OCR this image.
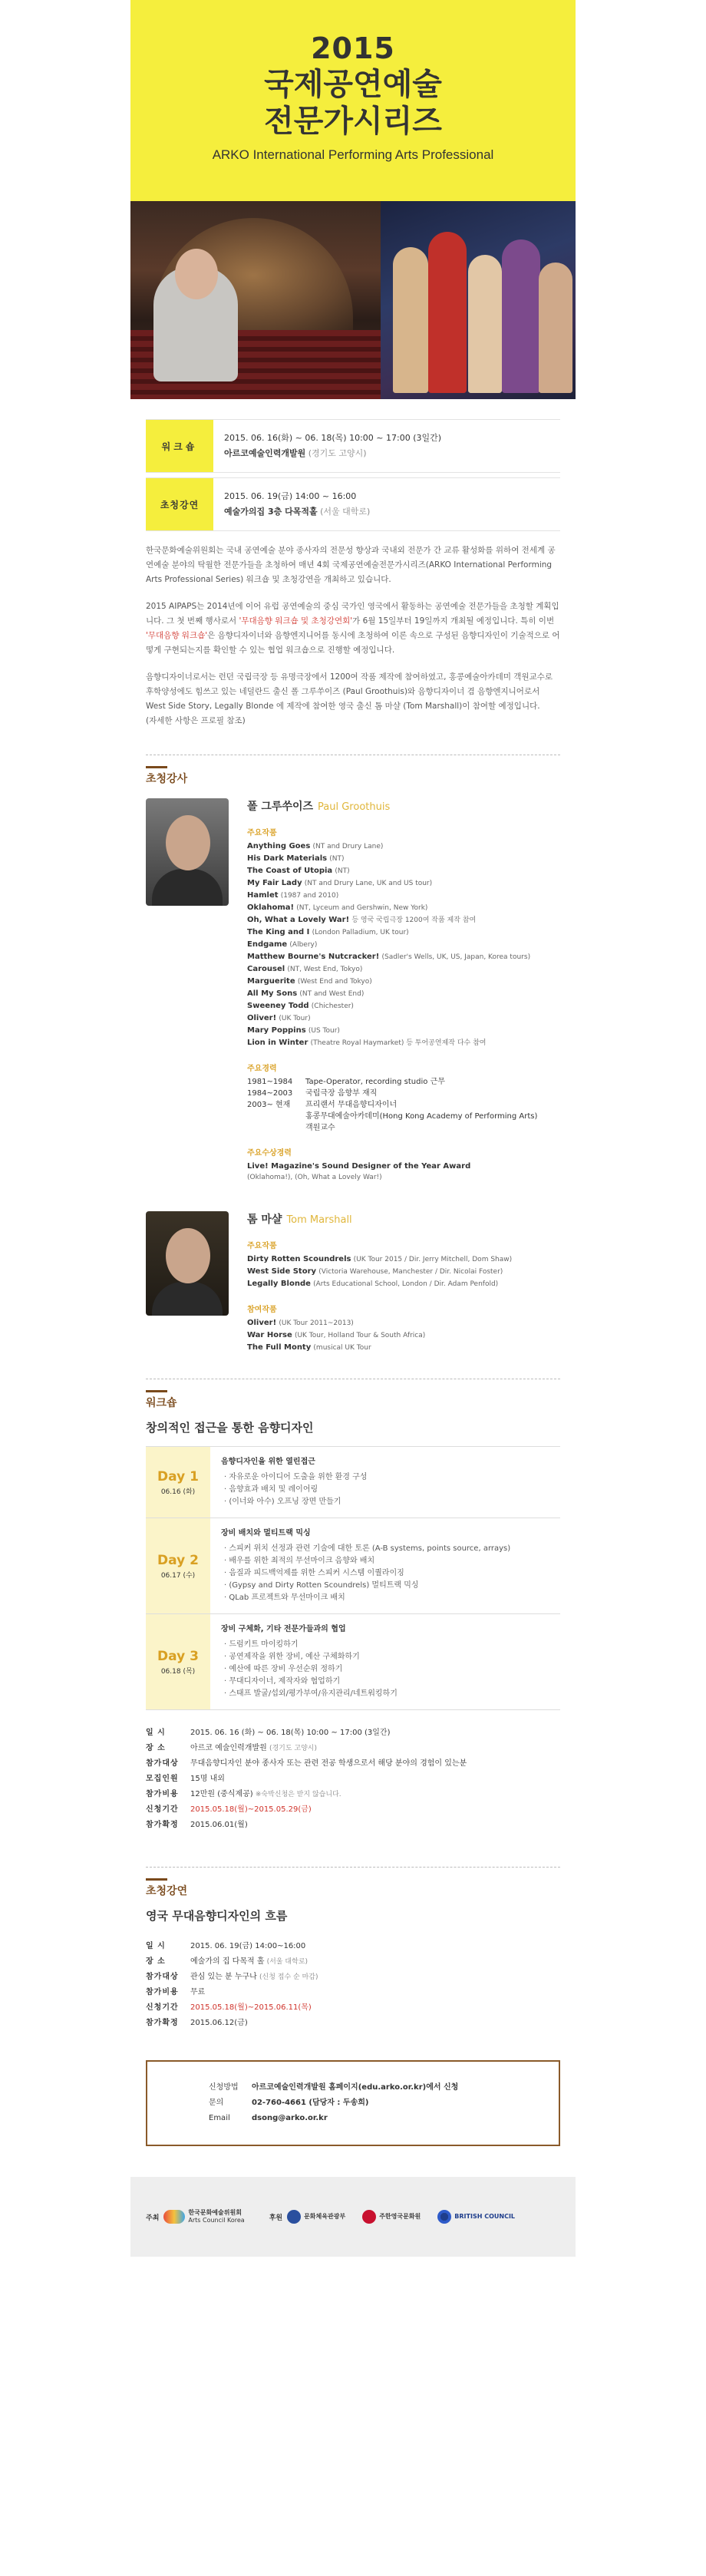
2015
국제공연예술
전문가시리즈
ARKO International Performing Arts Professional
워크숍
2015. 06. 16(화) ~ 06. 18(목) 10:00 ~ 17:00 (3일간)
아르코예술인력개발원 (경기도 고양시)
초청강연
2015. 06. 19(금) 14:00 ~ 16:00
예술가의집 3층 다목적홀 (서울 대학로)

한국문화예술위원회는 국내 공연예술 분야 종사자의 전문성 향상과 국내외 전문가 간 교류 활성화를 위하여 전세계 공연예술 분야의 탁월한 전문가들을 초청하여 매년 4회 국제공연예술전문가시리즈(ARKO International Performing Arts Professional Series) 워크숍 및 초청강연을 개최하고 있습니다.

2015 AIPAPS는 2014년에 이어 유럽 공연예술의 중심 국가인 영국에서 활동하는 공연예술 전문가들을 초청할 계획입니다. 그 첫 번째 행사로서 '무대음향 워크숍 및 초청강연회'가 6월 15일부터 19일까지 개최될 예정입니다. 특히 이번 '무대음향 워크숍'은 음향디자이너와 음향엔지니어를 동시에 초청하여 이론 속으로 구성된 음향디자인이 기술적으로 어떻게 구현되는지를 확인할 수 있는 협업 워크숍으로 진행할 예정입니다.

음향디자이너로서는 런던 국립극장 등 유명극장에서 1200여 작품 제작에 참여하였고, 홍콩예술아카데미 객원교수로 후학양성에도 힘쓰고 있는 네덜란드 출신 폴 그루쑤이즈 (Paul Groothuis)와 음향디자이너 겸 음향엔지니어로서 West Side Story, Legally Blonde 에 제작에 참여한 영국 출신 톰 마샬 (Tom Marshall)이 참여할 예정입니다.
(자세한 사항은 프로필 참조)

초청강사
폴 그루쑤이즈 Paul Groothuis
주요작품
Anything Goes (NT and Drury Lane)
His Dark Materials (NT)
The Coast of Utopia (NT)
My Fair Lady (NT and Drury Lane, UK and US tour)
Hamlet (1987 and 2010)
Oklahoma! (NT, Lyceum and Gershwin, New York)
Oh, What a Lovely War! 등 영국 국립극장 1200여 작품 제작 참여
The King and I (London Palladium, UK tour)
Endgame (Albery)
Matthew Bourne's Nutcracker! (Sadler's Wells, UK, US, Japan, Korea tours)
Carousel (NT, West End, Tokyo)
Marguerite (West End and Tokyo)
All My Sons (NT and West End)
Sweeney Todd (Chichester)
Oliver! (UK Tour)
Mary Poppins (US Tour)
Lion in Winter (Theatre Royal Haymarket) 등 투어공연제작 다수 참여
주요경력
1981~1984	Tape-Operator, recording studio 근무
1984~2003	국립극장 음향부 재직
2003~ 현재	프리랜서 무대음향디자이너
홍콩무대예술아카데미(Hong Kong Academy of Performing Arts)
객원교수
주요수상경력
Live! Magazine's Sound Designer of the Year Award
(Oklahoma!), (Oh, What a Lovely War!)
톰 마샬 Tom Marshall
주요작품
Dirty Rotten Scoundrels (UK Tour 2015 / Dir. Jerry Mitchell, Dom Shaw)
West Side Story (Victoria Warehouse, Manchester / Dir. Nicolai Foster)
Legally Blonde (Arts Educational School, London / Dir. Adam Penfold)
참여작품
Oliver! (UK Tour 2011~2013)
War Horse (UK Tour, Holland Tour & South Africa)
The Full Monty (musical UK Tour
워크숍
창의적인 접근을 통한 음향디자인
Day 1
06.16 (화)
음향디자인을 위한 열린접근
· 자유로운 아이디어 도출을 위한 환경 구성
· 음향효과 배치 및 레이어링
· (이너와 아수) 오프닝 장면 만들기
Day 2
06.17 (수)
장비 배치와 멀티트랙 믹싱
· 스피커 위치 선정과 관련 기술에 대한 토론 (A-B systems, points source, arrays)
· 배우를 위한 최적의 무선마이크 음향와 배치
· 음질과 피드백억제를 위한 스피커 시스템 이퀄라이징
· (Gypsy and Dirty Rotten Scoundrels) 멀티트랙 믹싱
· QLab 프로젝트와 무선마이크 배치
Day 3
06.18 (목)
장비 구체화, 기타 전문가들과의 협업
· 드럼키트 마이킹하기
· 공연제작을 위한 장비, 예산 구체화하기
· 예산에 따른 장비 우선순위 정하기
· 무대디자이너, 제작자와 협업하기
· 스태프 발굴/섭외/평가부여/유지관리/네트워킹하기
일 시	2015. 06. 16 (화) ~ 06. 18(목) 10:00 ~ 17:00 (3일간)
장 소	아르코 예술인력개발원 (경기도 고양시)
참가대상	무대음향디자인 분야 종사자 또는 관련 전공 학생으로서 해당 분야의 경험이 있는분
모집인원	15명 내외
참가비용	12만원 (중식제공) ※숙박신청은 받지 않습니다.
신청기간	2015.05.18(월)~2015.05.29(금)
참가확정	2015.06.01(월)
초청강연
영국 무대음향디자인의 흐름
일 시	2015. 06. 19(금) 14:00~16:00
장 소	예술가의 집 다목적 홀 (서울 대학로)
참가대상	관심 있는 분 누구나 (신청 접수 순 마감)
참가비용	무료
신청기간	2015.05.18(월)~2015.06.11(목)
참가확정	2015.06.12(금)
신청방법	아르코예술인력개발원 홈페이지(edu.arko.or.kr)에서 신청
문의	02-760-4661 (담당자 : 두송희)
Email	dsong@arko.or.kr
주최
한국문화예술위원회
Arts Council Korea	후원	문화체육관광부	주한영국문화원	BRITISH COUNCIL
